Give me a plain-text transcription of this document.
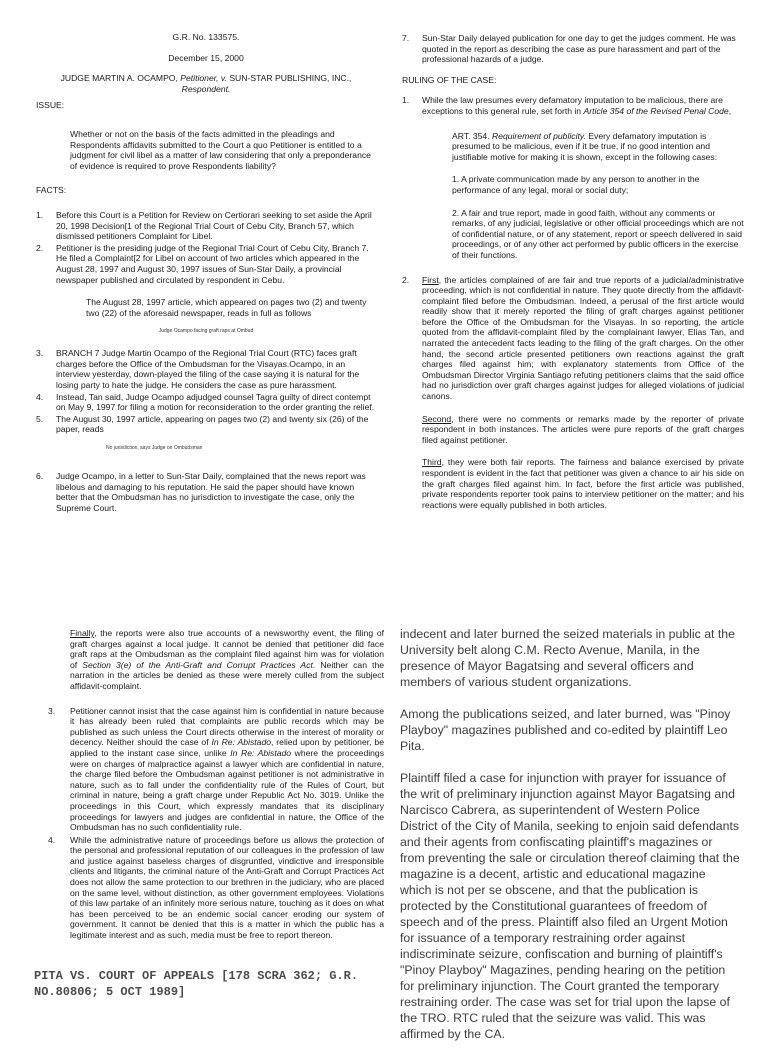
G.R. No. 133575.

December 15, 2000

JUDGE MARTIN A. OCAMPO, Petitioner, v. SUN-STAR PUBLISHING, INC.,
Respondent.

ISSUE:

Whether or not on the basis of the facts admitted in the pleadings and Respondents affidavits submitted to the Court a quo Petitioner is entitled to a judgment for civil libel as a matter of law considering that only a preponderance of evidence is required to prove Respondents liability?

FACTS:

1.	Before this Court is a Petition for Review on Certiorari seeking to set aside the April 20, 1998 Decision[1 of the Regional Trial Court of Cebu City, Branch 57, which dismissed petitioners Complaint for Libel.
2.	Petitioner is the presiding judge of the Regional Trial Court of Cebu City, Branch 7. He filed a Complaint[2 for Libel on account of two articles which appeared in the August 28, 1997 and August 30, 1997 issues of Sun-Star Daily, a provincial newspaper published and circulated by respondent in Cebu.

The August 28, 1997 article, which appeared on pages two (2) and twenty two (22) of the aforesaid newspaper, reads in full as follows

Judge Ocampo facing graft raps at Ombud

3.	BRANCH 7 Judge Martin Ocampo of the Regional Trial Court (RTC) faces graft charges before the Office of the Ombudsman for the Visayas.Ocampo, in an interview yesterday, down-played the filing of the case saying it is natural for the losing party to hate the judge. He considers the case as pure harassment.
4.	Instead, Tan said, Judge Ocampo adjudged counsel Tagra guilty of direct contempt on May 9, 1997 for filing a motion for reconsideration to the order granting the relief.
5.	The August 30, 1997 article, appearing on pages two (2) and twenty six (26) of the paper, reads

No jurisdiction, says Judge on Ombudsman

6.	Judge Ocampo, in a letter to Sun-Star Daily, complained that the news report was libelous and damaging to his reputation. He said the paper should have known better that the Ombudsman has no jurisdiction to investigate the case, only the Supreme Court.
7.	Sun-Star Daily delayed publication for one day to get the judges comment. He was quoted in the report as describing the case as pure harassment and part of the professional hazards of a judge.

RULING OF THE CASE:

1.	While the law presumes every defamatory imputation to be malicious, there are exceptions to this general rule, set forth in Article 354 of the Revised Penal Code,

ART. 354. Requirement of publicity. Every defamatory imputation is presumed to be malicious, even if it be true, if no good intention and justifiable motive for making it is shown, except in the following cases:

1. A private communication made by any person to another in the performance of any legal, moral or social duty;

2. A fair and true report, made in good faith, without any comments or remarks, of any judicial, legislative or other official proceedings which are not of confidential nature, or of any statement, report or speech delivered in said proceedings, or of any other act performed by public officers in the exercise of their functions.

2.	First, the articles complained of are fair and true reports of a judicial/administrative proceeding, which is not confidential in nature. They quote directly from the affidavit-complaint filed before the Ombudsman. Indeed, a perusal of the first article would readily show that it merely reported the filing of graft charges against petitioner before the Office of the Ombudsman for the Visayas. In so reporting, the article quoted from the affidavit-complaint filed by the complainant lawyer, Elias Tan, and narrated the antecedent facts leading to the filing of the graft charges. On the other hand, the second article presented petitioners own reactions against the graft charges filed against him; with explanatory statements from Office of the Ombudsman Director Virginia Santiago refuting petitioners claims that the said office had no jurisdiction over graft charges against judges for alleged violations of judicial canons.

Second, there were no comments or remarks made by the reporter of private respondent in both instances. The articles were pure reports of the graft charges filed against petitioner.

Third, they were both fair reports. The fairness and balance exercised by private respondent is evident in the fact that petitioner was given a chance to air his side on the graft charges filed against him. In fact, before the first article was published, private respondents reporter took pains to interview petitioner on the matter; and his reactions were equally published in both articles.

Finally, the reports were also true accounts of a newsworthy event, the filing of graft charges against a local judge. It cannot be denied that petitioner did face graft raps at the Ombudsman as the complaint filed against him was for violation of Section 3(e) of the Anti-Graft and Corrupt Practices Act. Neither can the narration in the articles be denied as these were merely culled from the subject affidavit-complaint.

3.	Petitioner cannot insist that the case against him is confidential in nature because it has already been ruled that complaints are public records which may be published as such unless the Court directs otherwise in the interest of morality or decency. Neither should the case of In Re: Abistado, relied upon by petitioner, be applied to the instant case since, unlike In Re: Abistado where the proceedings were on charges of malpractice against a lawyer which are confidential in nature, the charge filed before the Ombudsman against petitioner is not administrative in nature, such as to fall under the confidentiality rule of the Rules of Court, but criminal in nature, being a graft charge under Republic Act No. 3019. Unlike the proceedings in this Court, which expressly mandates that its disciplinary proceedings for lawyers and judges are confidential in nature, the Office of the Ombudsman has no such confidentiality rule.
4.	While the administrative nature of proceedings before us allows the protection of the personal and professional reputation of our colleagues in the profession of law and justice against baseless charges of disgruntled, vindictive and irresponsible clients and litigants, the criminal nature of the Anti-Graft and Corrupt Practices Act does not allow the same protection to our brethren in the judiciary, who are placed on the same level, without distinction, as other government employees. Violations of this law partake of an infinitely more serious nature, touching as it does on what has been perceived to be an endemic social cancer eroding our system of government. It cannot be denied that this is a matter in which the public has a legitimate interest and as such, media must be free to report thereon.
PITA VS. COURT OF APPEALS [178 SCRA 362; G.R. NO.80806; 5 OCT 1989]

indecent and later burned the seized materials in public at the University belt along C.M. Recto Avenue, Manila, in the presence of Mayor Bagatsing and several officers and members of various student organizations.

Among the publications seized, and later burned, was "Pinoy Playboy" magazines published and co-edited by plaintiff Leo Pita.

Plaintiff filed a case for injunction with prayer for issuance of the writ of preliminary injunction against Mayor Bagatsing and Narcisco Cabrera, as superintendent of Western Police District of the City of Manila, seeking to enjoin said defendants and their agents from confiscating plaintiff's magazines or from preventing the sale or circulation thereof claiming that the magazine is a decent, artistic and educational magazine which is not per se obscene, and that the publication is protected by the Constitutional guarantees of freedom of speech and of the press. Plaintiff also filed an Urgent Motion for issuance of a temporary restraining order against indiscriminate seizure, confiscation and burning of plaintiff's "Pinoy Playboy" Magazines, pending hearing on the petition for preliminary injunction. The Court granted the temporary restraining order. The case was set for trial upon the lapse of the TRO. RTC ruled that the seizure was valid. This was affirmed by the CA.
